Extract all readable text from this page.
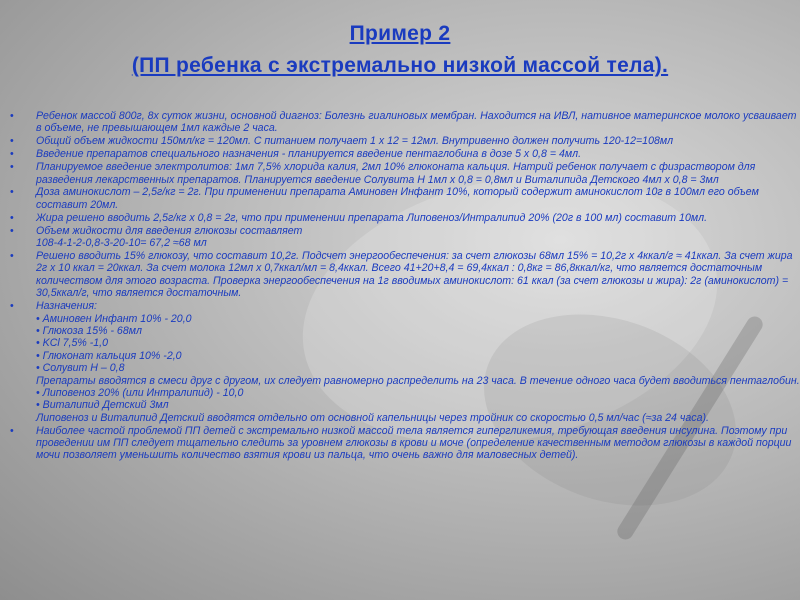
Пример 2

(ПП ребенка с экстремально низкой массой тела).

• Ребенок массой 800г, 8х суток жизни, основной диагноз: Болезнь гиалиновых мембран. Находится на ИВЛ, нативное материнское молоко усваивает в объеме, не превышающем 1мл каждые 2 часа.
• Общий объем жидкости 150мл/кг = 120мл. С питанием получает 1 х 12 = 12мл. Внутривенно должен получить 120-12=108мл
• Введение препаратов специального назначения - планируется введение пентаглобина в дозе 5 х 0,8 = 4мл.
• Планируемое введение электролитов: 1мл 7,5% хлорида калия, 2мл 10% глюконата кальция. Натрий ребенок получает с физраствором для разведения лекарственных препаратов. Планируется введение Солувита Н 1мл х 0,8 = 0,8мл и Виталипида Детского 4мл х 0,8 = 3мл
• Доза аминокислот – 2,5г/кг = 2г. При применении препарата Аминовен Инфант 10%, который содержит аминокислот 10г в 100мл его объем составит 20мл.
• Жира решено вводить 2,5г/кг х 0,8 = 2г, что при применении препарата Липовеноз/Интралипид 20% (20г в 100 мл) составит 10мл.
• Объем жидкости для введения глюкозы составляет
108-4-1-2-0,8-3-20-10= 67,2 ≈68 мл
• Решено вводить 15% глюкозу, что составит 10,2г. Подсчет энергообеспечения: за счет глюкозы 68мл 15% = 10,2г х 4ккал/г ≈ 41ккал. За счет жира 2г х 10 ккал = 20ккал. За счет молока 12мл х 0,7ккал/мл = 8,4ккал. Всего 41+20+8,4 = 69,4ккал : 0,8кг = 86,8ккал/кг, что является достаточным количеством для этого возраста. Проверка энергообеспечения на 1г вводимых аминокислот: 61 ккал (за счет глюкозы и жира): 2г (аминокислот) = 30,5ккал/г, что является достаточным.
• Назначения:
• Аминовен Инфант 10% - 20,0
• Глюкоза 15% - 68мл
• KCl 7,5% -1,0
• Глюконат кальция 10% -2,0
• Солувит Н – 0,8
Препараты вводятся в смеси друг с другом, их следует равномерно распределить на 23 часа. В течение одного часа будет вводиться пентаглобин.
• Липовеноз 20% (или Интралипид) - 10,0
• Виталипид Детский 3мл
Липовеноз и Виталипид Детский вводятся отдельно от основной капельницы через тройник со скоростью 0,5 мл/час (≈за 24 часа).
• Наиболее частой проблемой ПП детей с экстремально низкой массой тела является гипергликемия, требующая введения инсулина. Поэтому при проведении им ПП следует тщательно следить за уровнем глюкозы в крови и моче (определение качественным методом глюкозы в каждой порции мочи позволяет уменьшить количество взятия крови из пальца, что очень важно для маловесных детей).
